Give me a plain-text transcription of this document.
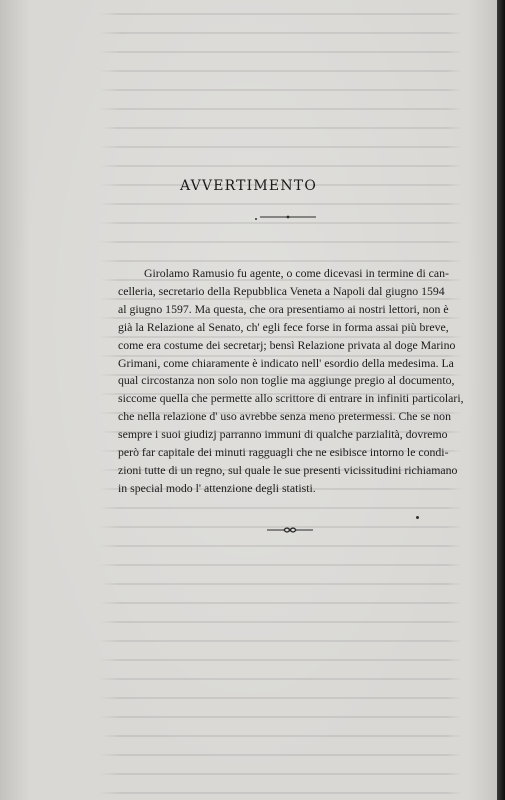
AVVERTIMENTO
Girolamo Ramusio fu agente, o come dicevasi in termine di can-
celleria, secretario della Repubblica Veneta a Napoli dal giugno 1594
al giugno 1597. Ma questa, che ora presentiamo ai nostri lettori, non è
già la Relazione al Senato, ch' egli fece forse in forma assai più breve,
come era costume dei secretarj; bensì Relazione privata al doge Marino
Grimani, come chiaramente è indicato nell' esordio della medesima. La
qual circostanza non solo non toglie ma aggiunge pregio al documento,
siccome quella che permette allo scrittore di entrare in infiniti particolari,
che nella relazione d' uso avrebbe senza meno pretermessi. Che se non
sempre i suoi giudizj parranno immuni di qualche parzialità, dovremo
però far capitale dei minuti ragguagli che ne esibisce intorno le condi-
zioni tutte di un regno, sul quale le sue presenti vicissitudini richiamano
in special modo l' attenzione degli statisti.
